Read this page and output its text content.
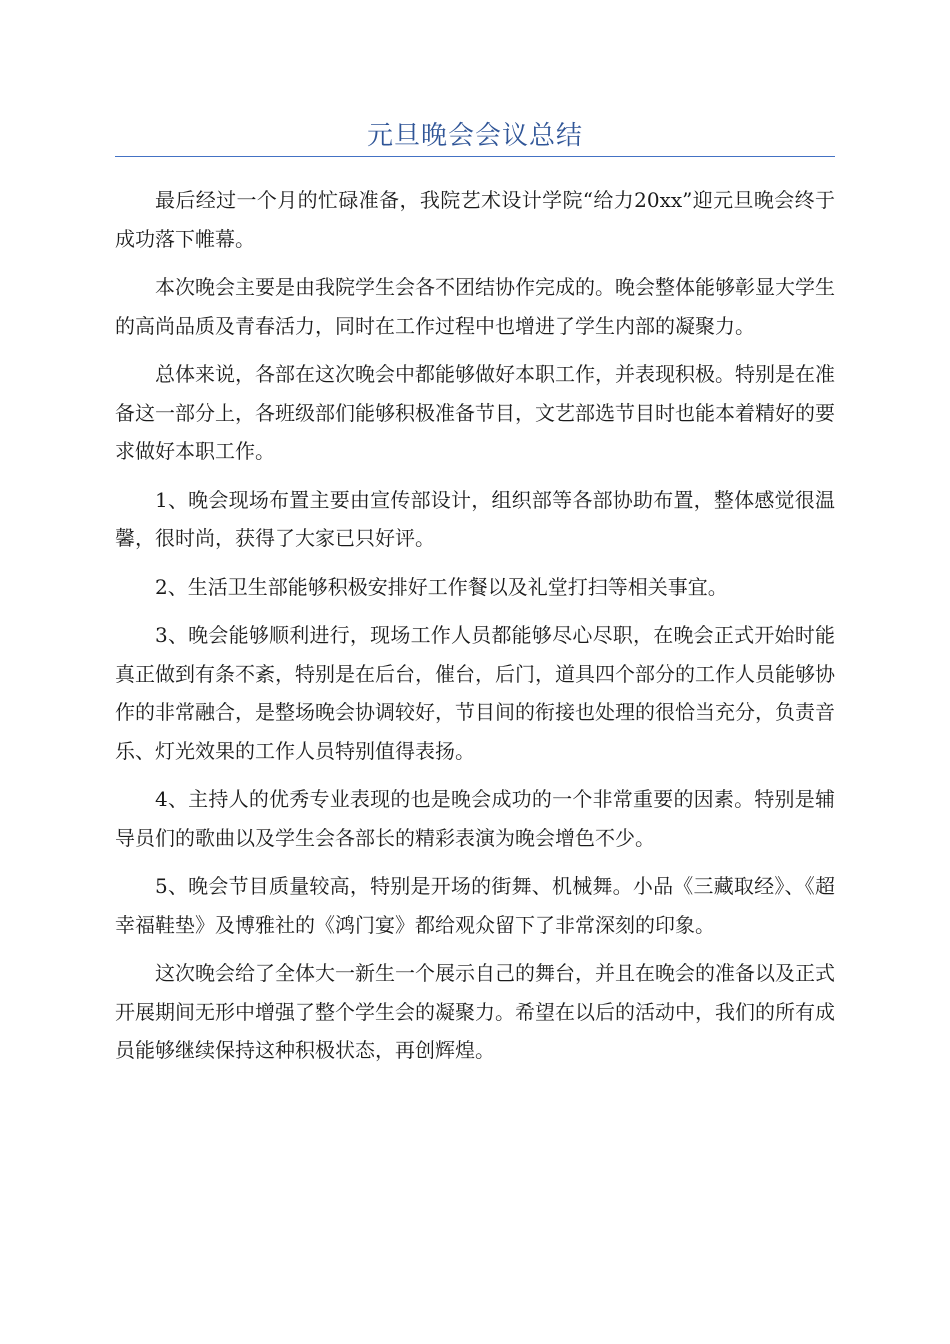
元旦晚会会议总结

最后经过一个月的忙碌准备，我院艺术设计学院“给力20xx”迎元旦晚会终于成功落下帷幕。

本次晚会主要是由我院学生会各不团结协作完成的。晚会整体能够彰显大学生的高尚品质及青春活力，同时在工作过程中也增进了学生内部的凝聚力。

总体来说，各部在这次晚会中都能够做好本职工作，并表现积极。特别是在准备这一部分上，各班级部们能够积极准备节目，文艺部选节目时也能本着精好的要求做好本职工作。

1、晚会现场布置主要由宣传部设计，组织部等各部协助布置，整体感觉很温馨，很时尚，获得了大家已只好评。

2、生活卫生部能够积极安排好工作餐以及礼堂打扫等相关事宜。

3、晚会能够顺利进行，现场工作人员都能够尽心尽职，在晚会正式开始时能真正做到有条不紊，特别是在后台，催台，后门，道具四个部分的工作人员能够协作的非常融合，是整场晚会协调较好，节目间的衔接也处理的很恰当充分，负责音乐、灯光效果的工作人员特别值得表扬。

4、主持人的优秀专业表现的也是晚会成功的一个非常重要的因素。特别是辅导员们的歌曲以及学生会各部长的精彩表演为晚会增色不少。

5、晚会节目质量较高，特别是开场的街舞、机械舞。小品《三藏取经》、《超幸福鞋垫》及博雅社的《鸿门宴》都给观众留下了非常深刻的印象。

这次晚会给了全体大一新生一个展示自己的舞台，并且在晚会的准备以及正式开展期间无形中增强了整个学生会的凝聚力。希望在以后的活动中，我们的所有成员能够继续保持这种积极状态，再创辉煌。
